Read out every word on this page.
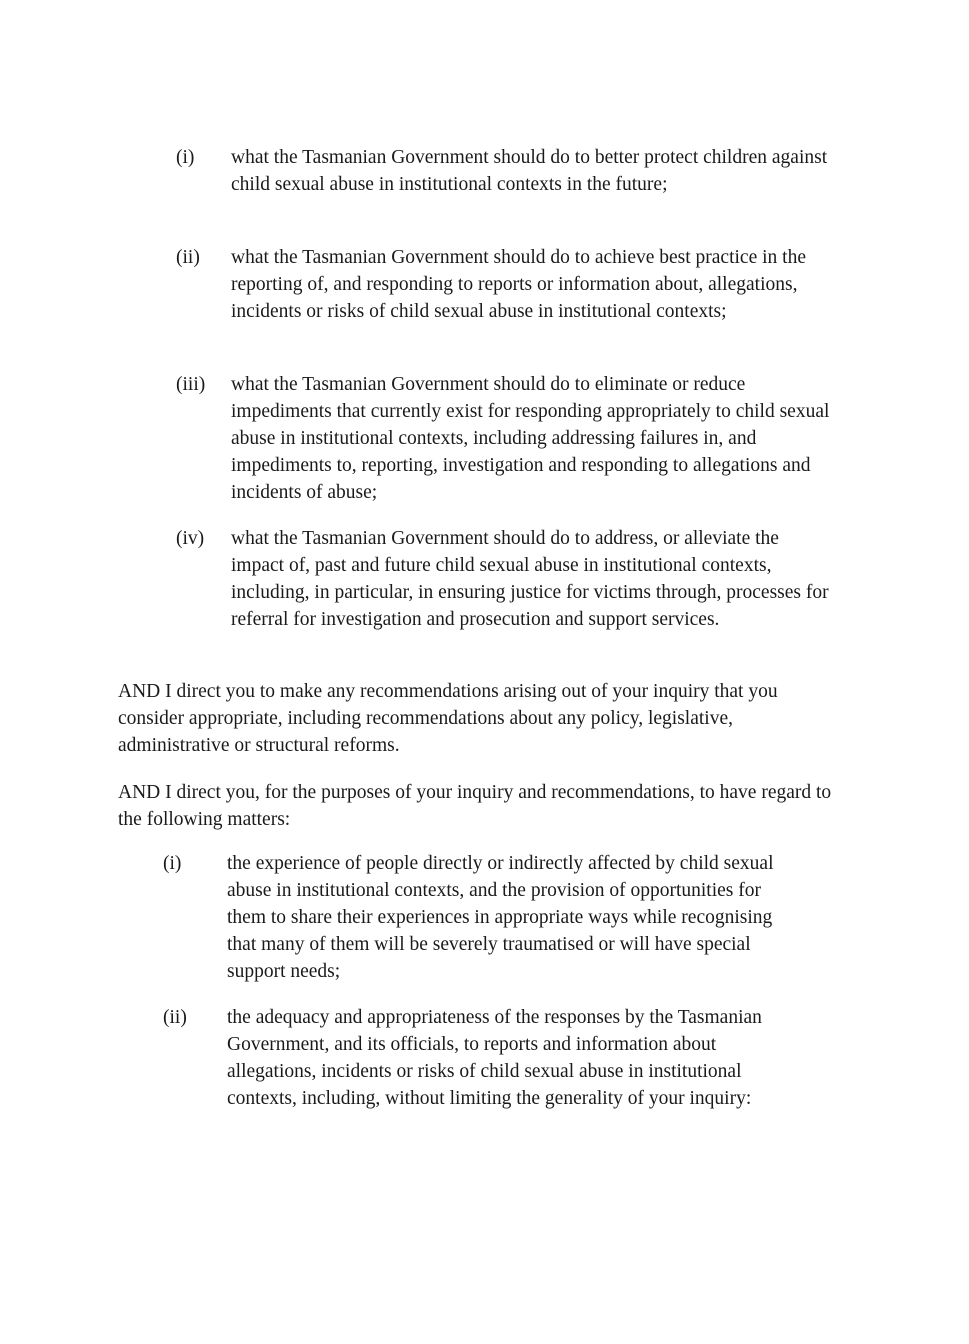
(i)	what the Tasmanian Government should do to better protect children against child sexual abuse in institutional contexts in the future;
(ii)	what the Tasmanian Government should do to achieve best practice in the reporting of, and responding to reports or information about, allegations, incidents or risks of child sexual abuse in institutional contexts;
(iii)	what the Tasmanian Government should do to eliminate or reduce impediments that currently exist for responding appropriately to child sexual abuse in institutional contexts, including addressing failures in, and impediments to, reporting, investigation and responding to allegations and incidents of abuse;
(iv)	what the Tasmanian Government should do to address, or alleviate the impact of, past and future child sexual abuse in institutional contexts, including, in particular, in ensuring justice for victims through, processes for referral for investigation and prosecution and support services.

AND I direct you to make any recommendations arising out of your inquiry that you consider appropriate, including recommendations about any policy, legislative, administrative or structural reforms.

AND I direct you, for the purposes of your inquiry and recommendations, to have regard to the following matters:

(i)	the experience of people directly or indirectly affected by child sexual abuse in institutional contexts, and the provision of opportunities for them to share their experiences in appropriate ways while recognising that many of them will be severely traumatised or will have special support needs;
(ii)	the adequacy and appropriateness of the responses by the Tasmanian Government, and its officials, to reports and information about allegations, incidents or risks of child sexual abuse in institutional contexts, including, without limiting the generality of your inquiry:
